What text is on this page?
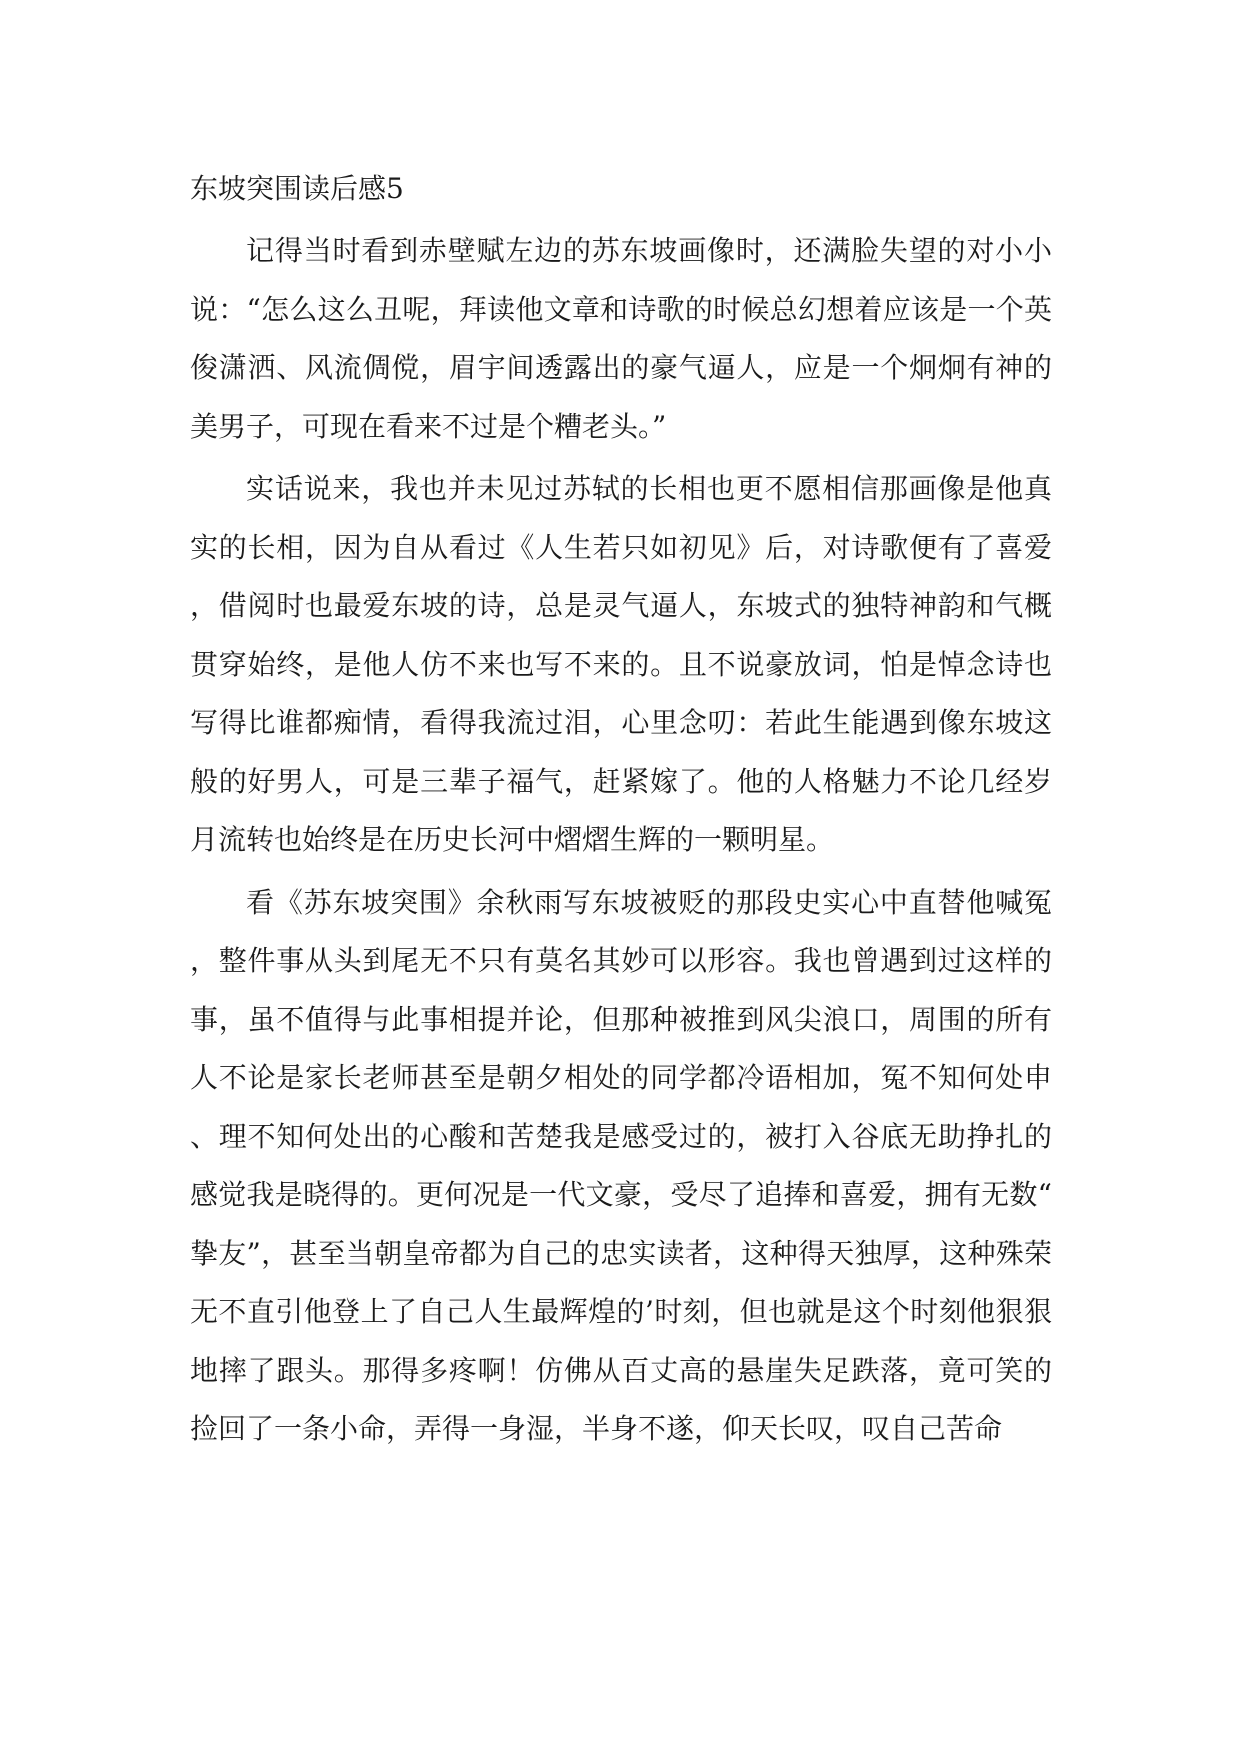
东坡突围读后感5

记得当时看到赤壁赋左边的苏东坡画像时，还满脸失望的对小小说：“怎么这么丑呢，拜读他文章和诗歌的时候总幻想着应该是一个英俊潇洒、风流倜傥，眉宇间透露出的豪气逼人，应是一个炯炯有神的美男子，可现在看来不过是个糟老头。”

实话说来，我也并未见过苏轼的长相也更不愿相信那画像是他真实的长相，因为自从看过《人生若只如初见》后，对诗歌便有了喜爱，借阅时也最爱东坡的诗，总是灵气逼人，东坡式的独特神韵和气概贯穿始终，是他人仿不来也写不来的。且不说豪放词，怕是悼念诗也写得比谁都痴情，看得我流过泪，心里念叨：若此生能遇到像东坡这般的好男人，可是三辈子福气，赶紧嫁了。他的人格魅力不论几经岁月流转也始终是在历史长河中熠熠生辉的一颗明星。

看《苏东坡突围》余秋雨写东坡被贬的那段史实心中直替他喊冤，整件事从头到尾无不只有莫名其妙可以形容。我也曾遇到过这样的事，虽不值得与此事相提并论，但那种被推到风尖浪口，周围的所有人不论是家长老师甚至是朝夕相处的同学都冷语相加，冤不知何处申、理不知何处出的心酸和苦楚我是感受过的，被打入谷底无助挣扎的感觉我是晓得的。更何况是一代文豪，受尽了追捧和喜爱，拥有无数“挚友”，甚至当朝皇帝都为自己的忠实读者，这种得天独厚，这种殊荣无不直引他登上了自己人生最辉煌的’时刻，但也就是这个时刻他狠狠地摔了跟头。那得多疼啊！仿佛从百丈高的悬崖失足跌落，竟可笑的捡回了一条小命，弄得一身湿，半身不遂，仰天长叹，叹自己苦命
